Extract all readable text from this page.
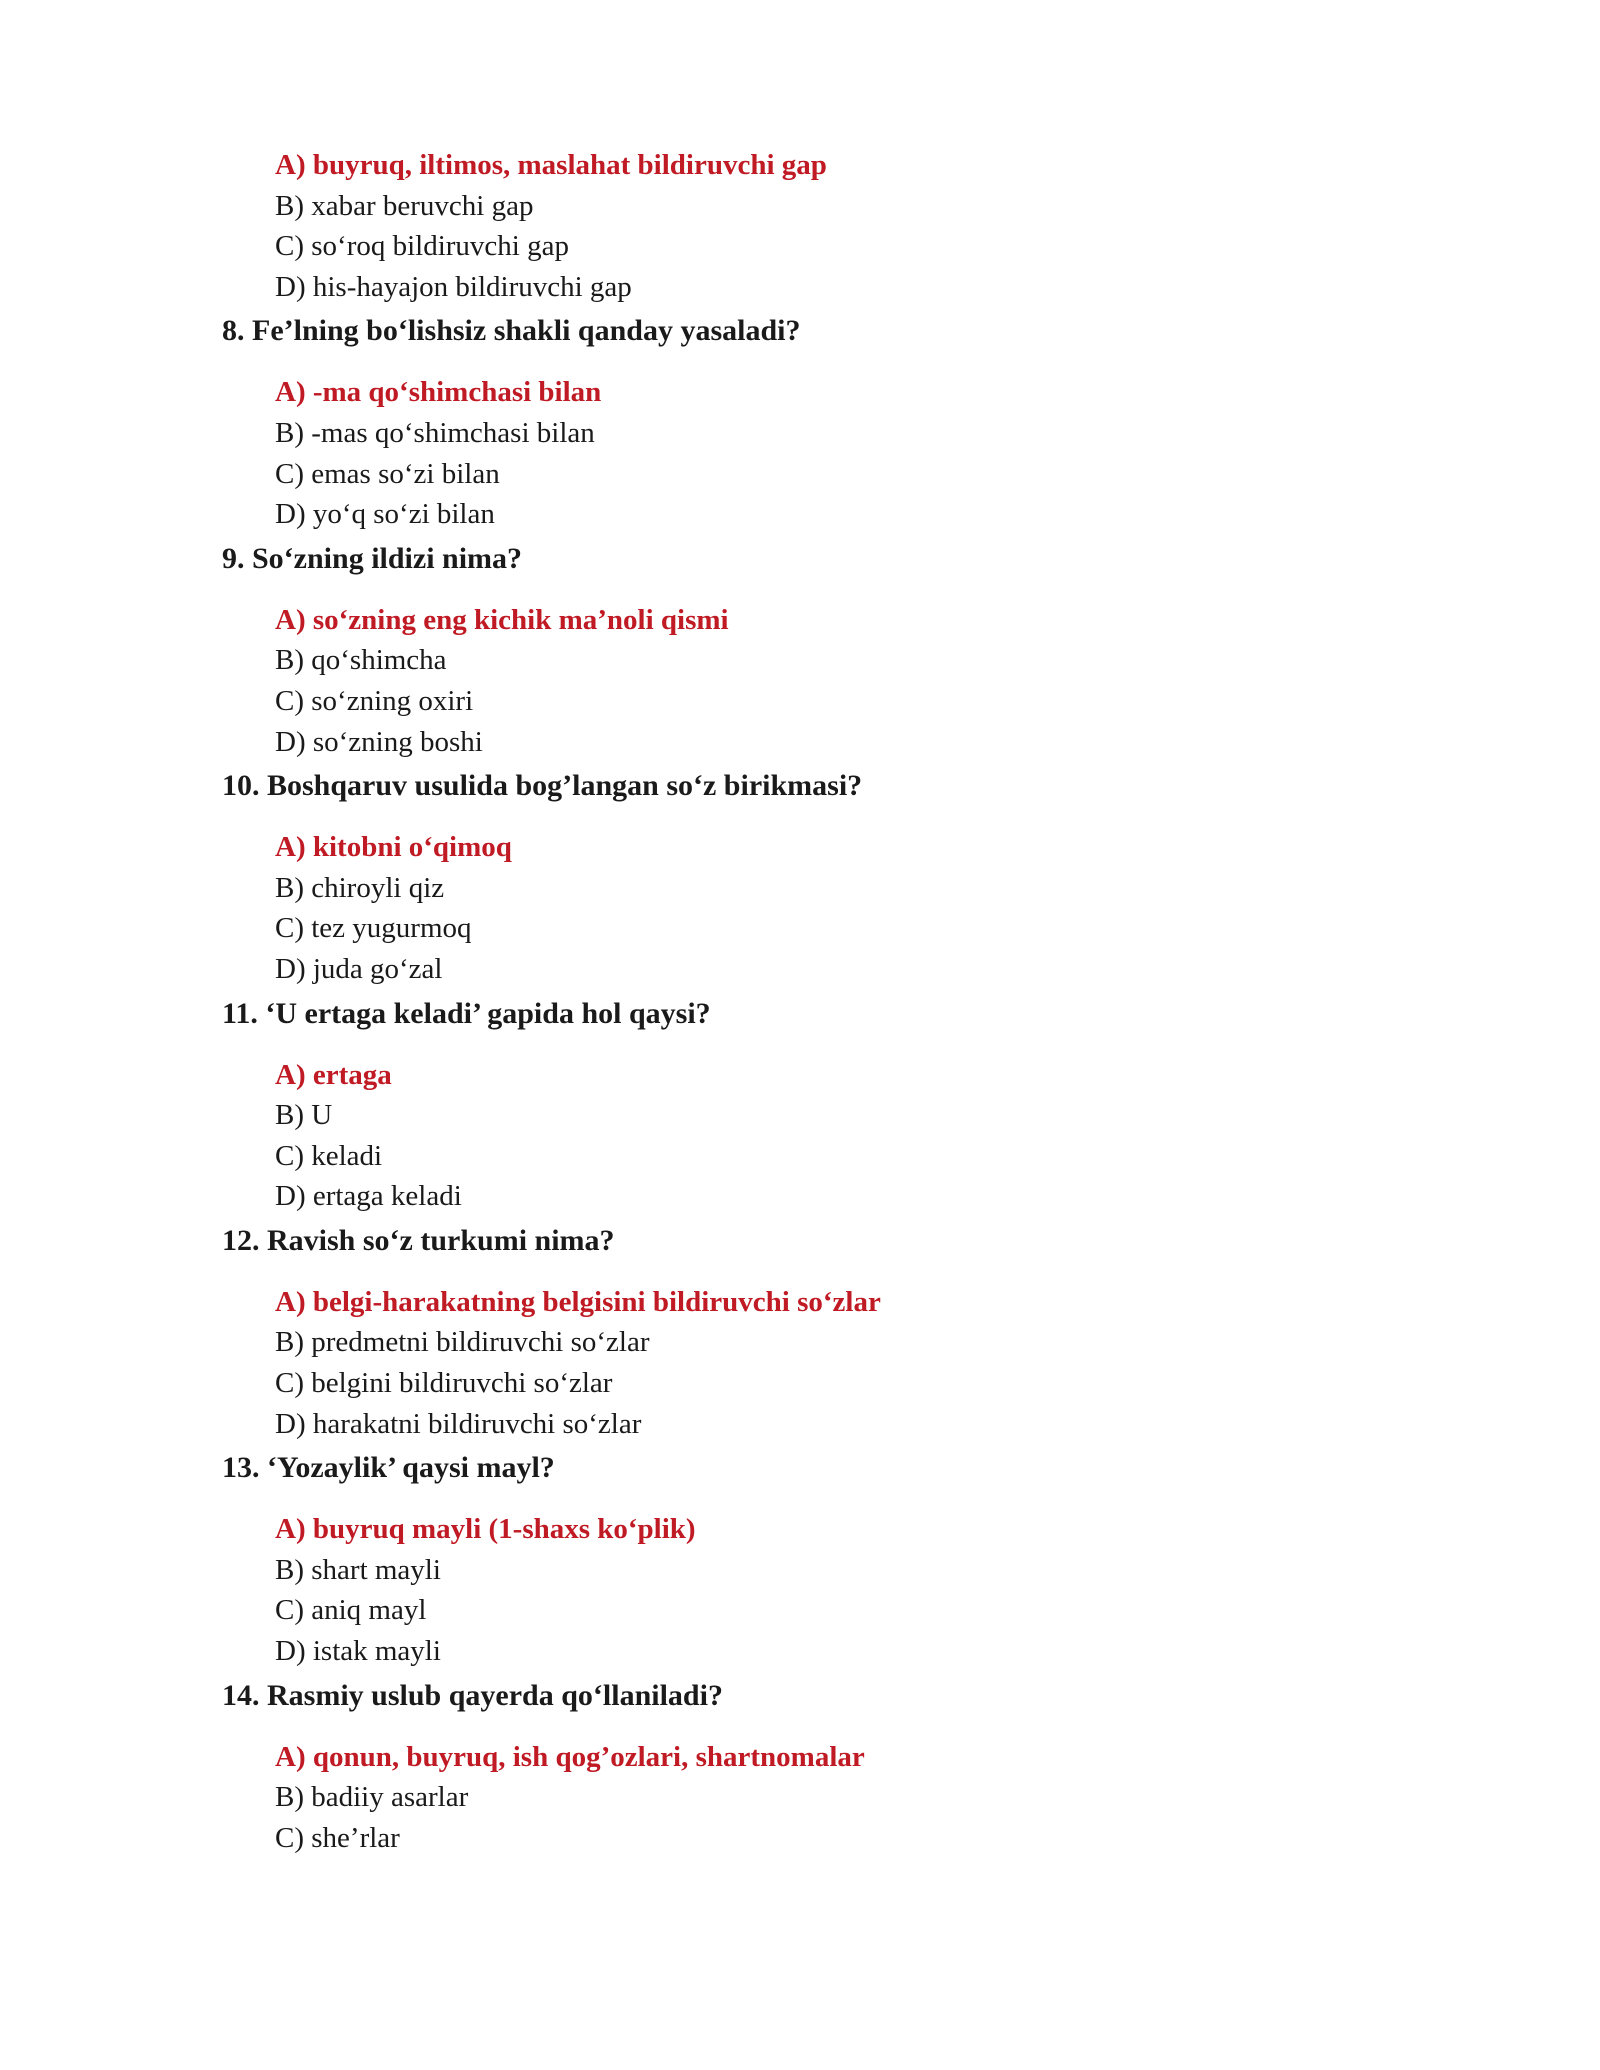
A) buyruq, iltimos, maslahat bildiruvchi gap
B) xabar beruvchi gap
C) so‘roq bildiruvchi gap
D) his-hayajon bildiruvchi gap
8. Fe’lning bo‘lishsiz shakli qanday yasaladi?
A) -ma qo‘shimchasi bilan
B) -mas qo‘shimchasi bilan
C) emas so‘zi bilan
D) yo‘q so‘zi bilan
9. So‘zning ildizi nima?
A) so‘zning eng kichik ma’noli qismi
B) qo‘shimcha
C) so‘zning oxiri
D) so‘zning boshi
10. Boshqaruv usulida bog’langan so‘z birikmasi?
A) kitobni o‘qimoq
B) chiroyli qiz
C) tez yugurmoq
D) juda go‘zal
11. ‘U ertaga keladi’ gapida hol qaysi?
A) ertaga
B) U
C) keladi
D) ertaga keladi
12. Ravish so‘z turkumi nima?
A) belgi-harakatning belgisini bildiruvchi so‘zlar
B) predmetni bildiruvchi so‘zlar
C) belgini bildiruvchi so‘zlar
D) harakatni bildiruvchi so‘zlar
13. ‘Yozaylik’ qaysi mayl?
A) buyruq mayli (1-shaxs ko‘plik)
B) shart mayli
C) aniq mayl
D) istak mayli
14. Rasmiy uslub qayerda qo‘llaniladi?
A) qonun, buyruq, ish qog’ozlari, shartnomalar
B) badiiy asarlar
C) she’rlar
